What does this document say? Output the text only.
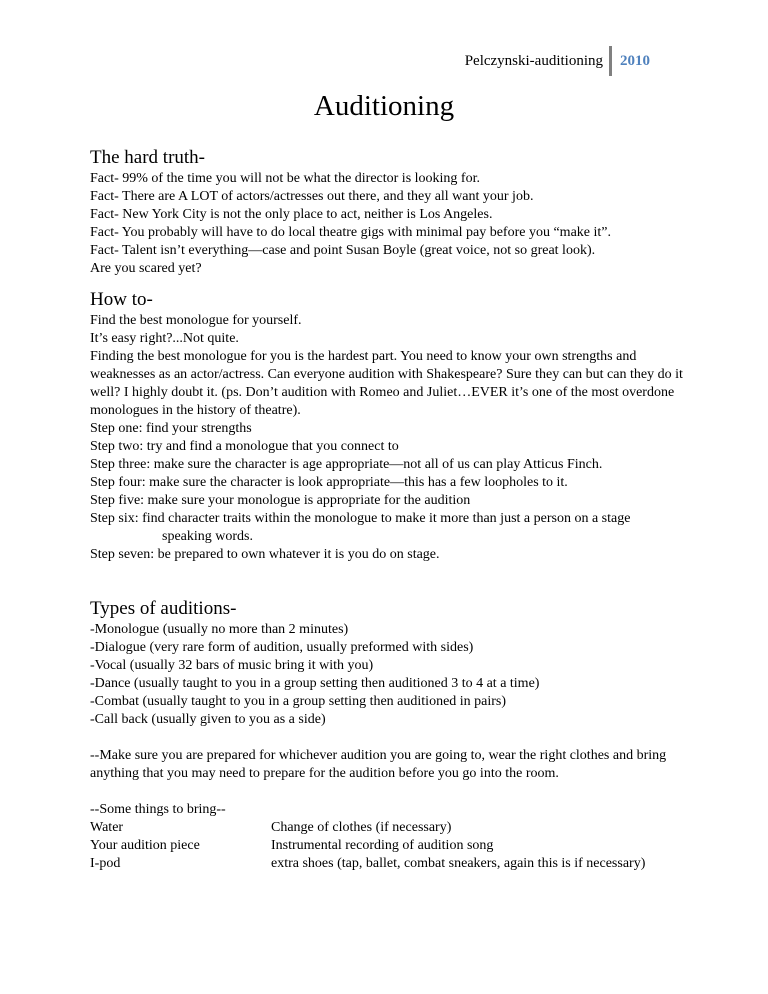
Pelczynski-auditioning	2010
Auditioning
The hard truth-
Fact- 99% of the time you will not be what the director is looking for.
Fact- There are A LOT of actors/actresses out there, and they all want your job.
Fact- New York City is not the only place to act, neither is Los Angeles.
Fact- You probably will have to do local theatre gigs with minimal pay before you “make it”.
Fact- Talent isn’t everything—case and point Susan Boyle (great voice, not so great look).
Are you scared yet?
How to-
Find the best monologue for yourself.
It’s easy right?...Not quite.
Finding the best monologue for you is the hardest part. You need to know your own strengths and weaknesses as an actor/actress. Can everyone audition with Shakespeare? Sure they can but can they do it well? I highly doubt it. (ps. Don’t audition with Romeo and Juliet…EVER it’s one of the most overdone monologues in the history of theatre).
Step one: find your strengths
Step two: try and find a monologue that you connect to
Step three: make sure the character is age appropriate—not all of us can play Atticus Finch.
Step four: make sure the character is look appropriate—this has a few loopholes to it.
Step five: make sure your monologue is appropriate for the audition
Step six: find character traits within the monologue to make it more than just a person on a stage
speaking words.
Step seven: be prepared to own whatever it is you do on stage.
Types of auditions-
-Monologue (usually no more than 2 minutes)
-Dialogue (very rare form of audition, usually preformed with sides)
-Vocal (usually 32 bars of music bring it with you)
-Dance (usually taught to you in a group setting then auditioned 3 to 4 at a time)
-Combat (usually taught to you in a group setting then auditioned in pairs)
-Call back (usually given to you as a side)
--Make sure you are prepared for whichever audition you are going to, wear the right clothes and bring anything that you may need to prepare for the audition before you go into the room.
--Some things to bring--
Water
Your audition piece
I-pod
Change of clothes (if necessary)
Instrumental recording of audition song
extra shoes (tap, ballet, combat sneakers, again this is if necessary)
